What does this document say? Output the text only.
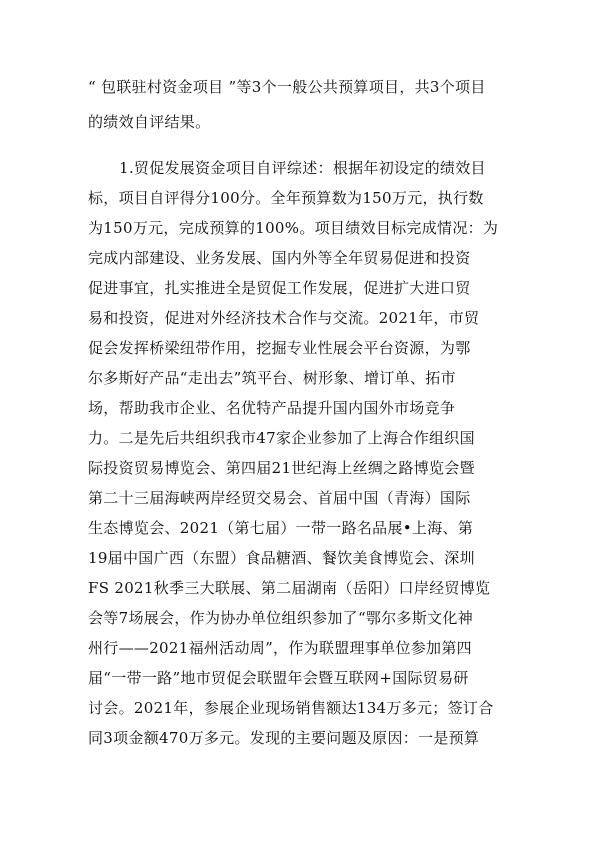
“ 包联驻村资金项目 ”等3个一般公共预算项目，共3个项目
的绩效自评结果。
1.贸促发展资金项目自评综述：根据年初设定的绩效目
标，项目自评得分100分。全年预算数为150万元，执行数
为150万元，完成预算的100%。项目绩效目标完成情况：为
完成内部建设、业务发展、国内外等全年贸易促进和投资
促进事宜，扎实推进全是贸促工作发展，促进扩大进口贸
易和投资，促进对外经济技术合作与交流。2021年，市贸
促会发挥桥梁纽带作用，挖掘专业性展会平台资源，为鄂
尔多斯好产品“走出去”筑平台、树形象、增订单、拓市
场，帮助我市企业、名优特产品提升国内国外市场竞争
力。二是先后共组织我市47家企业参加了上海合作组织国
际投资贸易博览会、第四届21世纪海上丝绸之路博览会暨
第二十三届海峡两岸经贸交易会、首届中国（青海）国际
生态博览会、2021（第七届）一带一路名品展•上海、第
19届中国广西（东盟）食品糖酒、餐饮美食博览会、深圳
FS 2021秋季三大联展、第二届湖南（岳阳）口岸经贸博览
会等7场展会，作为协办单位组织参加了“鄂尔多斯文化神
州行——2021福州活动周”，作为联盟理事单位参加第四
届“一带一路”地市贸促会联盟年会暨互联网+国际贸易研
讨会。2021年，参展企业现场销售额达134万多元；签订合
同3项金额470万多元。发现的主要问题及原因：一是预算
